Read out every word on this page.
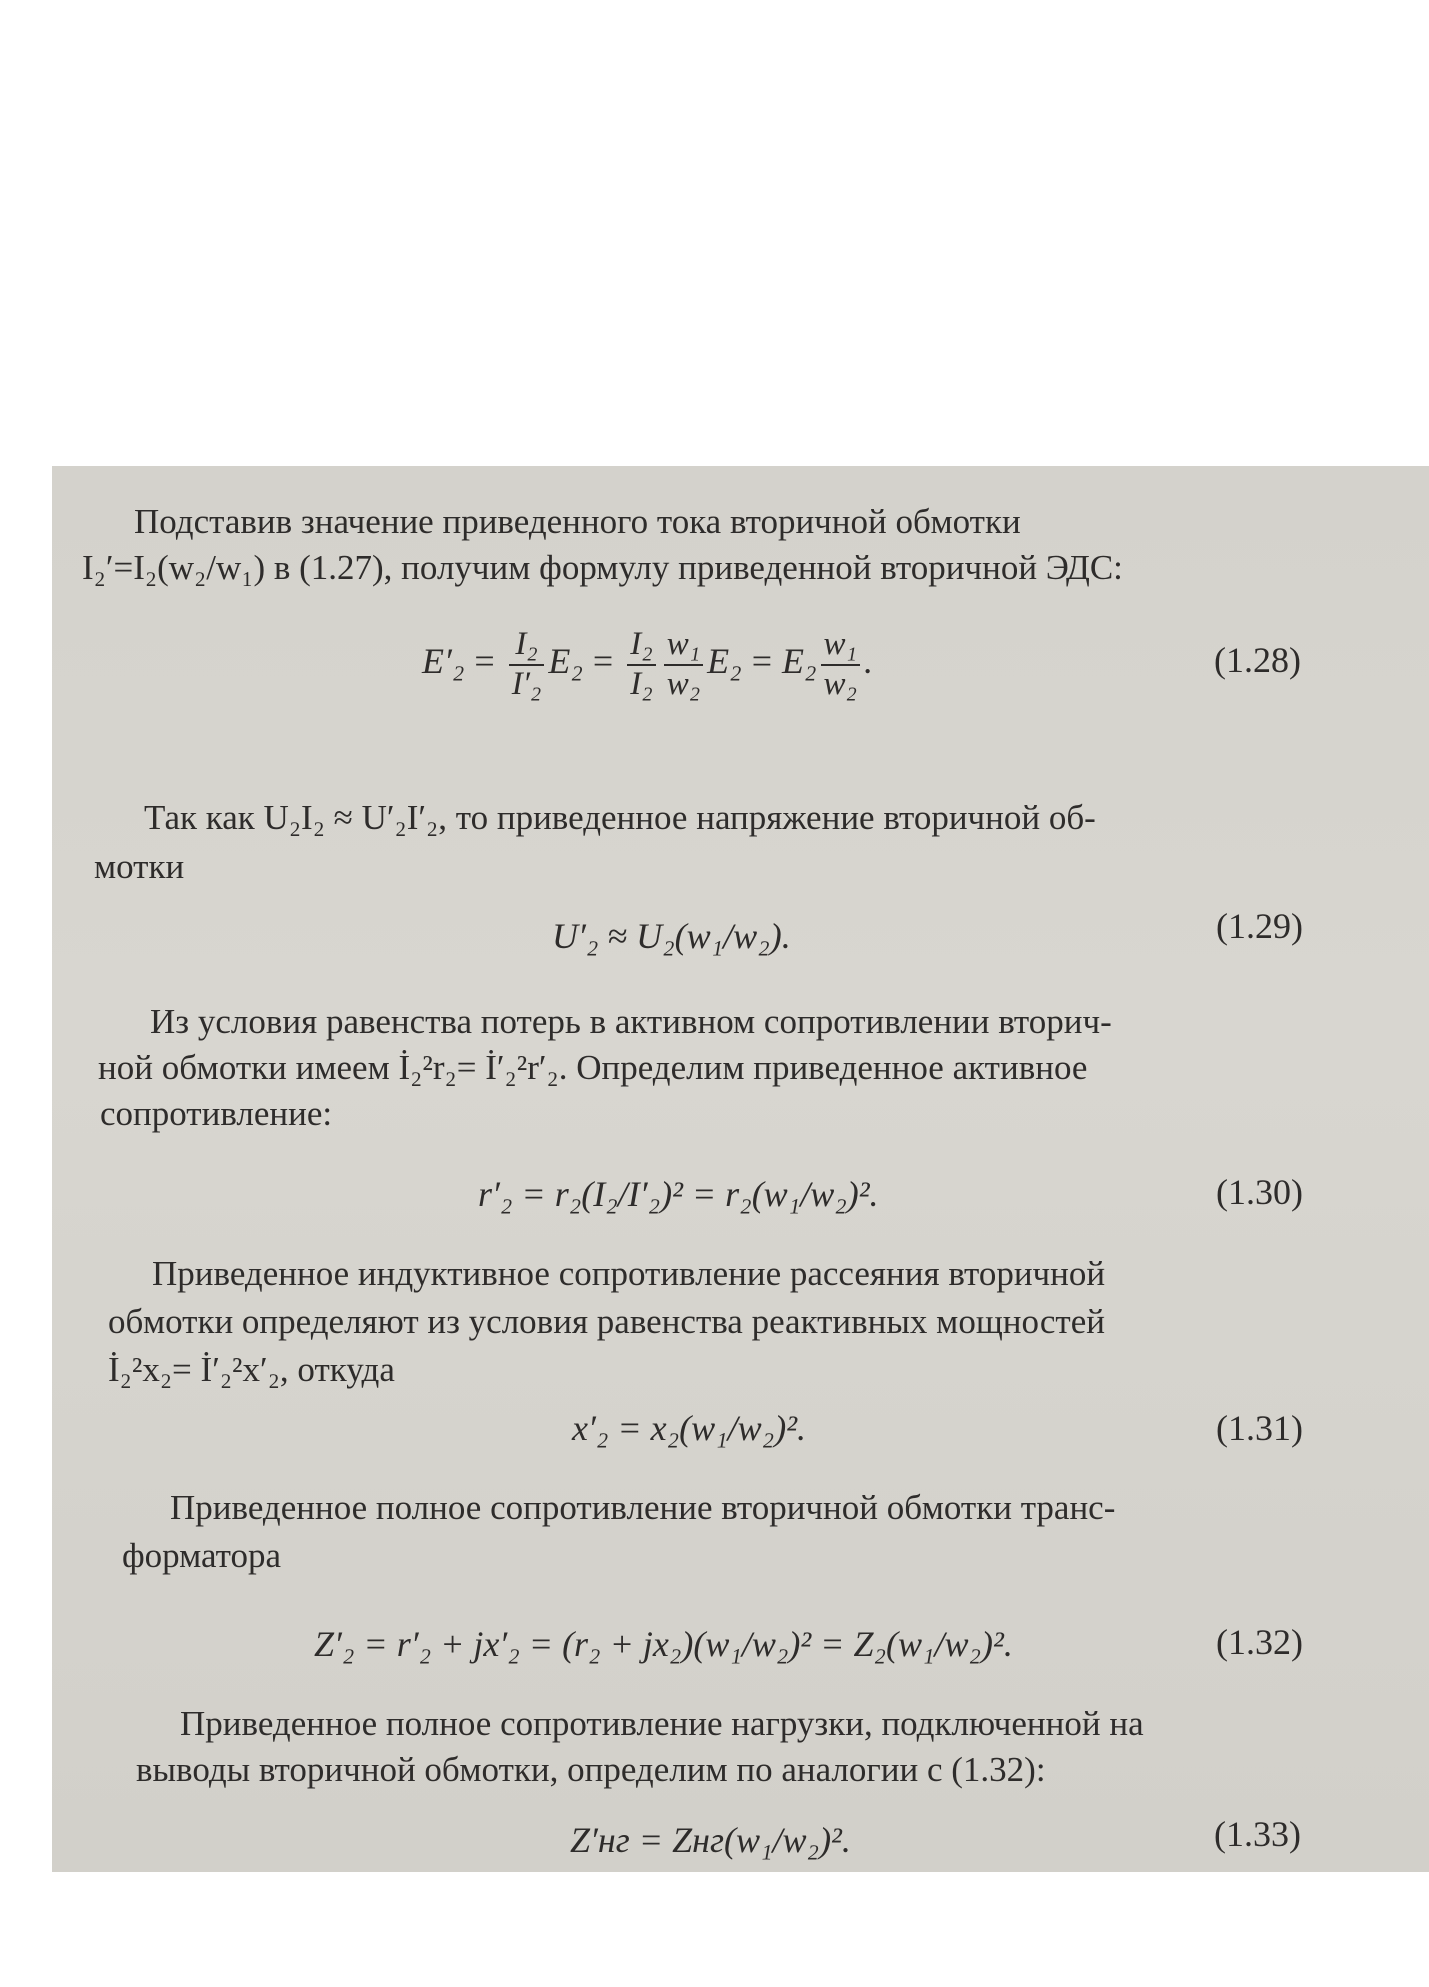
Подставив значение приведенного тока вторичной обмотки
I₂′=I₂(w₂/w₁) в (1.27), получим формулу приведенной вторичной ЭДС:
$E'_2 = \frac{\text{I₂}}{\text{I′₂}} E_2 = \frac{\text{I₂}}{\text{I₂}} \frac{\text{w₁}}{\text{w₂}} E_2 = E_2 \frac{\text{w₁}}{\text{w₂}}$ .	(1.28)
Так как U₂I₂ ≈ U′₂I′₂, то приведенное напряжение вторичной об-
мотки
U′₂ ≈ U₂(w₁/w₂).	(1.29)
Из условия равенства потерь в активном сопротивлении вторич-
ной обмотки имеем İ₂²r₂= İ′₂²r′₂. Определим приведенное активное
сопротивление:
r′₂ = r₂(I₂/I′₂)² = r₂(w₁/w₂)².	(1.30)
Приведенное индуктивное сопротивление рассеяния вторичной
обмотки определяют из условия равенства реактивных мощностей
İ₂²x₂= İ′₂²x′₂, откуда
x′₂ = x₂(w₁/w₂)².	(1.31)
Приведенное полное сопротивление вторичной обмотки транс-
форматора
Z′₂ = r′₂ + jx′₂ = (r₂ + jx₂)(w₁/w₂)² = Z₂(w₁/w₂)².	(1.32)
Приведенное полное сопротивление нагрузки, подключенной на
выводы вторичной обмотки, определим по аналогии с (1.32):
Z′нг = Zнг(w₁/w₂)².	(1.33)
